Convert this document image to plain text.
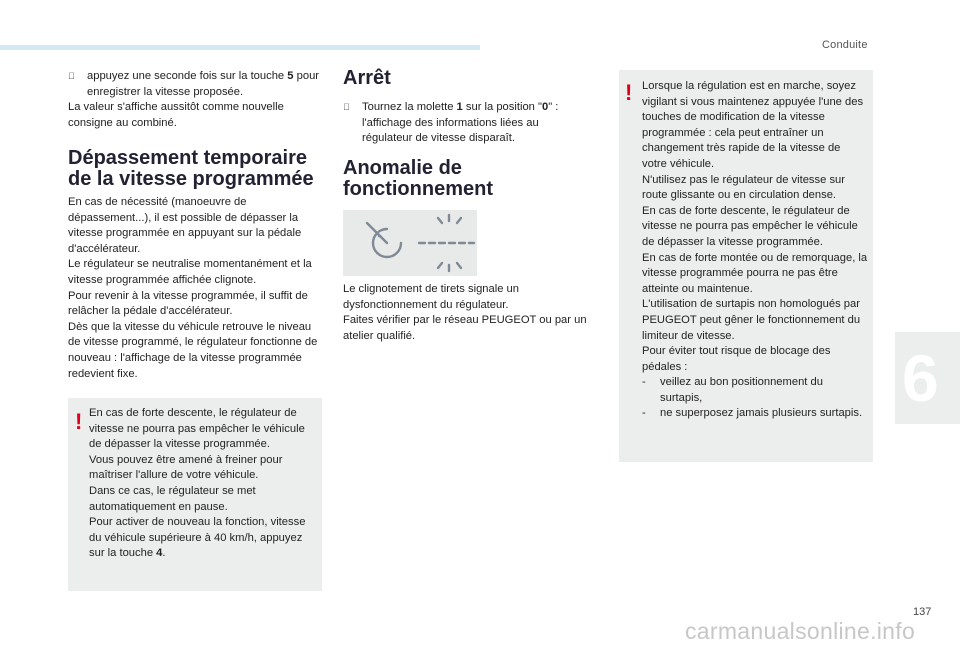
Conduite
6

appuyez une seconde fois sur la touche 5 pour enregistrer la vitesse proposée.

La valeur s'affiche aussitôt comme nouvelle consigne au combiné.

Dépassement temporaire de la vitesse programmée

En cas de nécessité (manoeuvre de dépassement...), il est possible de dépasser la vitesse programmée en appuyant sur la pédale d'accélérateur.

Le régulateur se neutralise momentanément et la vitesse programmée affichée clignote.

Pour revenir à la vitesse programmée, il suffit de relâcher la pédale d'accélérateur.

Dès que la vitesse du véhicule retrouve le niveau de vitesse programmé, le régulateur fonctionne de nouveau : l'affichage de la vitesse programmée redevient fixe.

! En cas de forte descente, le régulateur de vitesse ne pourra pas empêcher le véhicule de dépasser la vitesse programmée.

Vous pouvez être amené à freiner pour maîtriser l'allure de votre véhicule.

Dans ce cas, le régulateur se met automatiquement en pause.

Pour activer de nouveau la fonction, vitesse du véhicule supérieure à 40 km/h, appuyez sur la touche 4.

Arrêt

Tournez la molette 1 sur la position "0" : l'affichage des informations liées au régulateur de vitesse disparaît.

Anomalie de fonctionnement

Le clignotement de tirets signale un dysfonctionnement du régulateur.

Faites vérifier par le réseau PEUGEOT ou par un atelier qualifié.

! Lorsque la régulation est en marche, soyez vigilant si vous maintenez appuyée l'une des touches de modification de la vitesse programmée : cela peut entraîner un changement très rapide de la vitesse de votre véhicule.

N'utilisez pas le régulateur de vitesse sur route glissante ou en circulation dense.

En cas de forte descente, le régulateur de vitesse ne pourra pas empêcher le véhicule de dépasser la vitesse programmée.

En cas de forte montée ou de remorquage, la vitesse programmée pourra ne pas être atteinte ou maintenue.

L'utilisation de surtapis non homologués par PEUGEOT peut gêner le fonctionnement du limiteur de vitesse.

Pour éviter tout risque de blocage des pédales :

-	veillez au bon positionnement du surtapis,

-	ne superposez jamais plusieurs surtapis.

137
carmanualsonline.info
